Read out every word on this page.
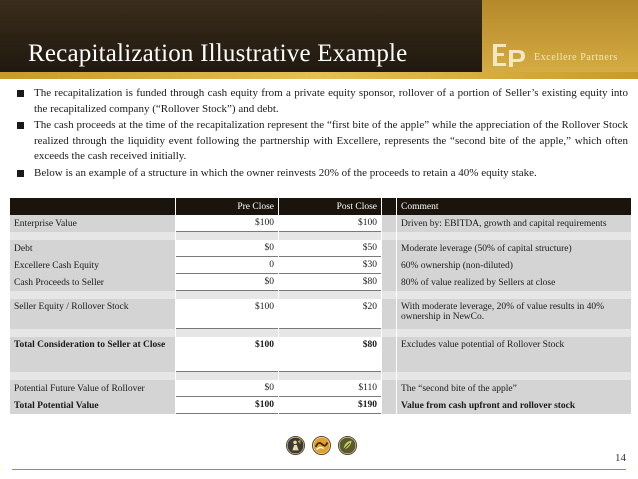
Recapitalization Illustrative Example	Excellere Partners
The recapitalization is funded through cash equity from a private equity sponsor, rollover of a portion of Seller’s existing equity into the recapitalized company (“Rollover Stock”) and debt.
The cash proceeds at the time of the recapitalization represent the “first bite of the apple” while the appreciation of the Rollover Stock realized through the liquidity event following the partnership with Excellere, represents the “second bite of the apple,” which often exceeds the cash received initially.
Below is an example of a structure in which the owner reinvests 20% of the proceeds to retain a 40% equity stake.
	Pre Close	Post Close		Comment
Enterprise Value	$100	$100		Driven by: EBITDA, growth and capital requirements

Debt	$0	$50		Moderate leverage (50% of capital structure)
Excellere Cash Equity	0	$30		60% ownership (non-diluted)
Cash Proceeds to Seller	$0	$80		80% of value realized by Sellers at close

Seller Equity / Rollover Stock	$100	$20		With moderate leverage, 20% of value results in 40% ownership in NewCo.

Total Consideration to Seller at Close	$100	$80		Excludes value potential of Rollover Stock

Potential Future Value of Rollover	$0	$110		The “second bite of the apple”
Total Potential Value	$100	$190		Value from cash upfront and rollover stock
14
